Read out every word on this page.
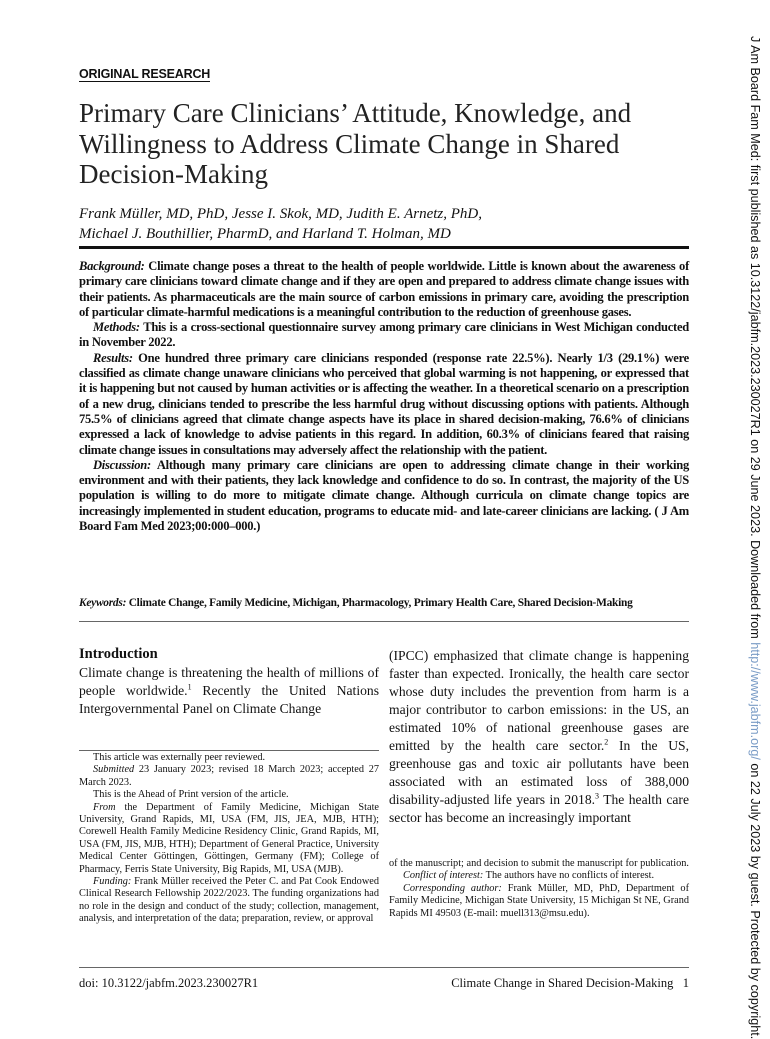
J Am Board Fam Med: first published as 10.3122/jabfm.2023.230027R1 on 29 June 2023. Downloaded from http://www.jabfm.org/ on 22 July 2023 by guest. Protected by copyright.
ORIGINAL RESEARCH
Primary Care Clinicians’ Attitude, Knowledge, and Willingness to Address Climate Change in Shared Decision-Making
Frank Müller, MD, PhD, Jesse I. Skok, MD, Judith E. Arnetz, PhD,
Michael J. Bouthillier, PharmD, and Harland T. Holman, MD

Background: Climate change poses a threat to the health of people worldwide. Little is known about the awareness of primary care clinicians toward climate change and if they are open and prepared to address climate change issues with their patients. As pharmaceuticals are the main source of carbon emissions in primary care, avoiding the prescription of particular climate-harmful medications is a meaningful contribution to the reduction of greenhouse gases.

Methods: This is a cross-sectional questionnaire survey among primary care clinicians in West Michigan conducted in November 2022.

Results: One hundred three primary care clinicians responded (response rate 22.5%). Nearly 1/3 (29.1%) were classified as climate change unaware clinicians who perceived that global warming is not happening, or expressed that it is happening but not caused by human activities or is affecting the weather. In a theoretical scenario on a prescription of a new drug, clinicians tended to prescribe the less harmful drug without discussing options with patients. Although 75.5% of clinicians agreed that climate change aspects have its place in shared decision-making, 76.6% of clinicians expressed a lack of knowledge to advise patients in this regard. In addition, 60.3% of clinicians feared that raising climate change issues in consultations may adversely affect the relationship with the patient.

Discussion: Although many primary care clinicians are open to addressing climate change in their working environment and with their patients, they lack knowledge and confidence to do so. In contrast, the majority of the US population is willing to do more to mitigate climate change. Although curricula on climate change topics are increasingly implemented in student education, programs to educate mid- and late-career clinicians are lacking. ( J Am Board Fam Med 2023;00:000–000.)

Keywords: Climate Change, Family Medicine, Michigan, Pharmacology, Primary Health Care, Shared Decision-Making
Introduction

Climate change is threatening the health of millions of people worldwide.$^1$ Recently the United Nations Intergovernmental Panel on Climate Change

(IPCC) emphasized that climate change is happening faster than expected. Ironically, the health care sector whose duty includes the prevention from harm is a major contributor to carbon emissions: in the US, an estimated 10% of national greenhouse gases are emitted by the health care sector.$^2$ In the US, greenhouse gas and toxic air pollutants have been associated with an estimated loss of 388,000 disability-adjusted life years in 2018.$^3$ The health care sector has become an increasingly important

This article was externally peer reviewed.

Submitted 23 January 2023; revised 18 March 2023; accepted 27 March 2023.

This is the Ahead of Print version of the article.

From the Department of Family Medicine, Michigan State University, Grand Rapids, MI, USA (FM, JIS, JEA, MJB, HTH); Corewell Health Family Medicine Residency Clinic, Grand Rapids, MI, USA (FM, JIS, MJB, HTH); Department of General Practice, University Medical Center Göttingen, Göttingen, Germany (FM); College of Pharmacy, Ferris State University, Big Rapids, MI, USA (MJB).

Funding: Frank Müller received the Peter C. and Pat Cook Endowed Clinical Research Fellowship 2022/2023. The funding organizations had no role in the design and conduct of the study; collection, management, analysis, and interpretation of the data; preparation, review, or approval

of the manuscript; and decision to submit the manuscript for publication.

Conflict of interest: The authors have no conflicts of interest.

Corresponding author: Frank Müller, MD, PhD, Department of Family Medicine, Michigan State University, 15 Michigan St NE, Grand Rapids MI 49503 (E-mail: muell313@msu.edu).

doi: 10.3122/jabfm.2023.230027R1	Climate Change in Shared Decision-Making 1
